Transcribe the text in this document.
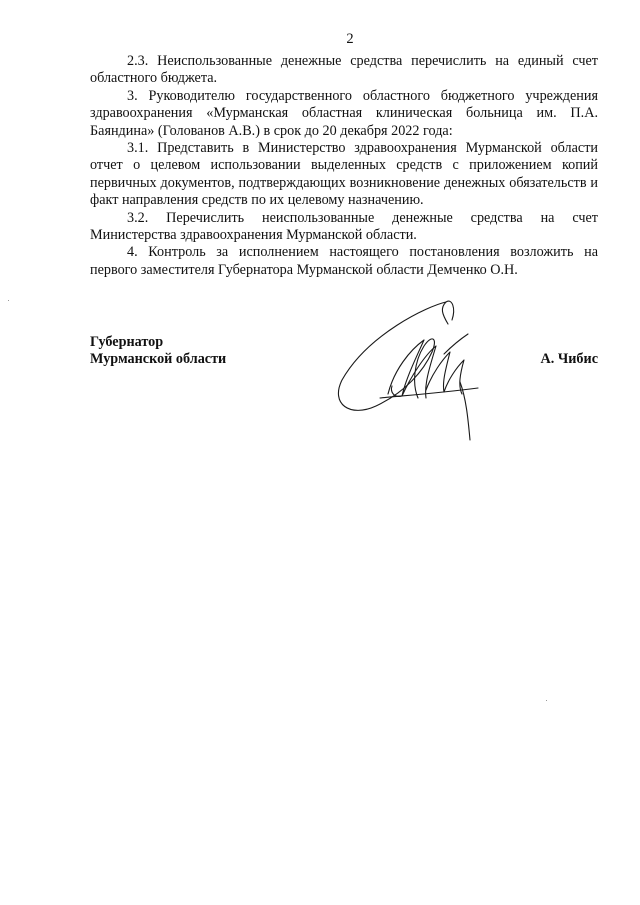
2

2.3. Неиспользованные денежные средства перечислить на единый счет областного бюджета.

3. Руководителю государственного областного бюджетного учреждения здравоохранения «Мурманская областная клиническая больница им. П.А. Баяндина» (Голованов А.В.) в срок до 20 декабря 2022 года:

3.1. Представить в Министерство здравоохранения Мурманской области отчет о целевом использовании выделенных средств с приложением копий первичных документов, подтверждающих возникновение денежных обязательств и факт направления средств по их целевому назначению.

3.2. Перечислить неиспользованные денежные средства на счет Министерства здравоохранения Мурманской области.

4. Контроль за исполнением настоящего постановления возложить на первого заместителя Губернатора Мурманской области Демченко О.Н.

Губернатор
Мурманской области	А. Чибис
